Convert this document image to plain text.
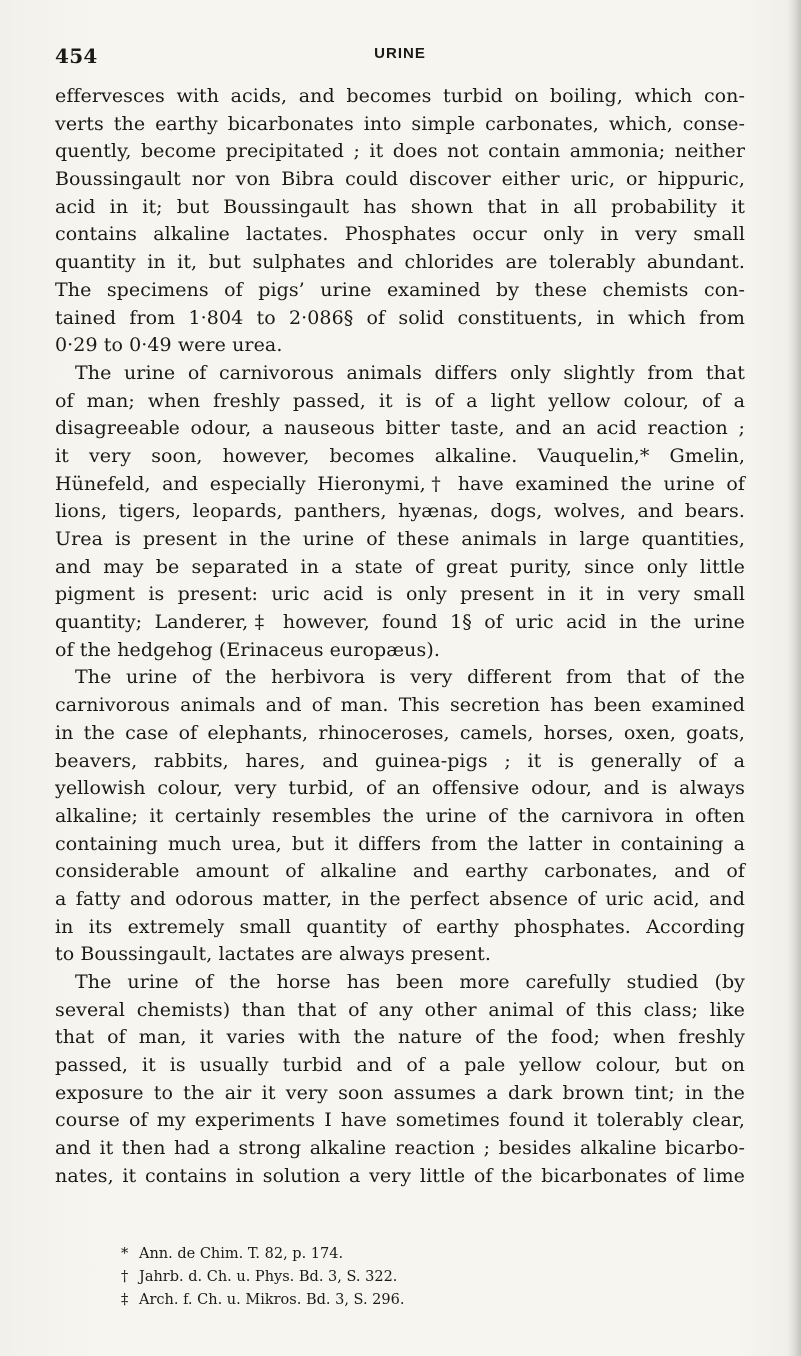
454	URINE
effervesces with acids, and becomes turbid on boiling, which con-
verts the earthy bicarbonates into simple carbonates, which, conse-
quently, become precipitated ; it does not contain ammonia; neither
Boussingault nor von Bibra could discover either uric, or hippuric,
acid in it; but Boussingault has shown that in all probability it
contains alkaline lactates. Phosphates occur only in very small
quantity in it, but sulphates and chlorides are tolerably abundant.
The specimens of pigs’ urine examined by these chemists con-
tained from 1·804 to 2·086§ of solid constituents, in which from
0·29 to 0·49 were urea.
The urine of carnivorous animals differs only slightly from that
of man; when freshly passed, it is of a light yellow colour, of a
disagreeable odour, a nauseous bitter taste, and an acid reaction ;
it very soon, however, becomes alkaline. Vauquelin,* Gmelin,
Hünefeld, and especially Hieronymi,† have examined the urine of
lions, tigers, leopards, panthers, hyænas, dogs, wolves, and bears.
Urea is present in the urine of these animals in large quantities,
and may be separated in a state of great purity, since only little
pigment is present: uric acid is only present in it in very small
quantity; Landerer,‡ however, found 1§ of uric acid in the urine
of the hedgehog (Erinaceus europæus).
The urine of the herbivora is very different from that of the
carnivorous animals and of man. This secretion has been examined
in the case of elephants, rhinoceroses, camels, horses, oxen, goats,
beavers, rabbits, hares, and guinea-pigs ; it is generally of a
yellowish colour, very turbid, of an offensive odour, and is always
alkaline; it certainly resembles the urine of the carnivora in often
containing much urea, but it differs from the latter in containing a
considerable amount of alkaline and earthy carbonates, and of
a fatty and odorous matter, in the perfect absence of uric acid, and
in its extremely small quantity of earthy phosphates. According
to Boussingault, lactates are always present.
The urine of the horse has been more carefully studied (by
several chemists) than that of any other animal of this class; like
that of man, it varies with the nature of the food; when freshly
passed, it is usually turbid and of a pale yellow colour, but on
exposure to the air it very soon assumes a dark brown tint; in the
course of my experiments I have sometimes found it tolerably clear,
and it then had a strong alkaline reaction ; besides alkaline bicarbo-
nates, it contains in solution a very little of the bicarbonates of lime
* Ann. de Chim. T. 82, p. 174.
† Jahrb. d. Ch. u. Phys. Bd. 3, S. 322.
‡ Arch. f. Ch. u. Mikros. Bd. 3, S. 296.
